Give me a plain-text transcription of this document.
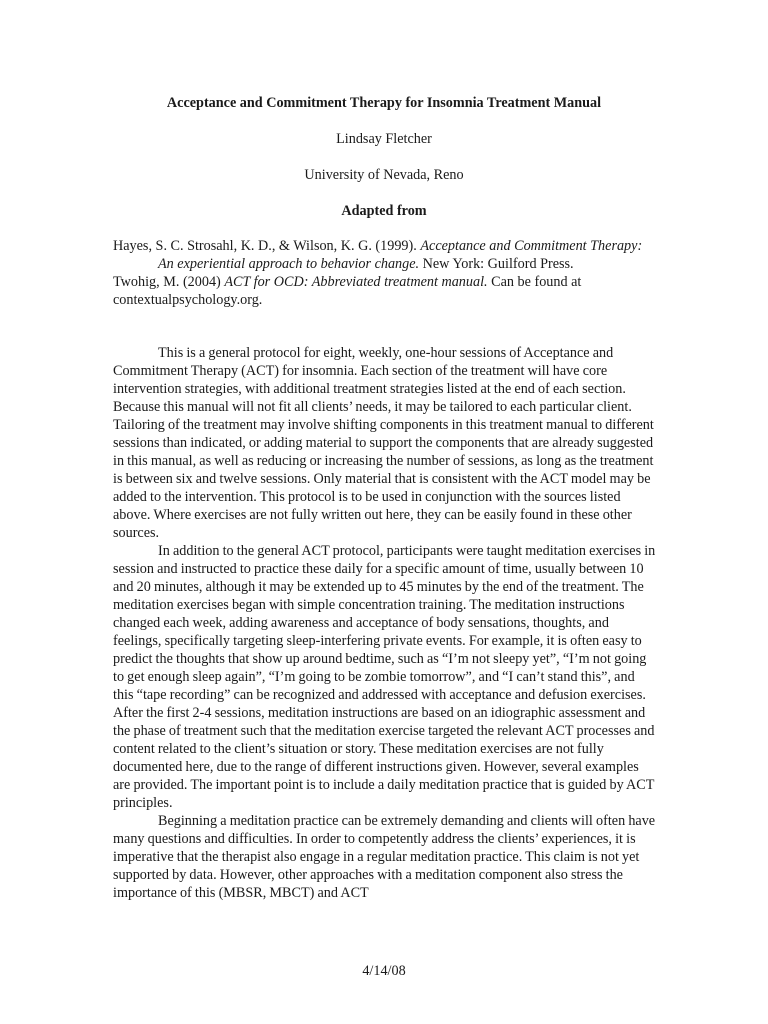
Acceptance and Commitment Therapy for Insomnia Treatment Manual
Lindsay Fletcher
University of Nevada, Reno
Adapted from

Hayes, S. C. Strosahl, K. D., & Wilson, K. G. (1999). Acceptance and Commitment Therapy: An experiential approach to behavior change. New York: Guilford Press.

Twohig, M. (2004) ACT for OCD: Abbreviated treatment manual. Can be found at contextualpsychology.org.

This is a general protocol for eight, weekly, one-hour sessions of Acceptance and Commitment Therapy (ACT) for insomnia. Each section of the treatment will have core intervention strategies, with additional treatment strategies listed at the end of each section. Because this manual will not fit all clients’ needs, it may be tailored to each particular client. Tailoring of the treatment may involve shifting components in this treatment manual to different sessions than indicated, or adding material to support the components that are already suggested in this manual, as well as reducing or increasing the number of sessions, as long as the treatment is between six and twelve sessions. Only material that is consistent with the ACT model may be added to the intervention. This protocol is to be used in conjunction with the sources listed above. Where exercises are not fully written out here, they can be easily found in these other sources.

In addition to the general ACT protocol, participants were taught meditation exercises in session and instructed to practice these daily for a specific amount of time, usually between 10 and 20 minutes, although it may be extended up to 45 minutes by the end of the treatment. The meditation exercises began with simple concentration training. The meditation instructions changed each week, adding awareness and acceptance of body sensations, thoughts, and feelings, specifically targeting sleep-interfering private events. For example, it is often easy to predict the thoughts that show up around bedtime, such as “I’m not sleepy yet”, “I’m not going to get enough sleep again”, “I’m going to be zombie tomorrow”, and “I can’t stand this”, and this “tape recording” can be recognized and addressed with acceptance and defusion exercises. After the first 2-4 sessions, meditation instructions are based on an idiographic assessment and the phase of treatment such that the meditation exercise targeted the relevant ACT processes and content related to the client’s situation or story. These meditation exercises are not fully documented here, due to the range of different instructions given. However, several examples are provided. The important point is to include a daily meditation practice that is guided by ACT principles.

Beginning a meditation practice can be extremely demanding and clients will often have many questions and difficulties. In order to competently address the clients’ experiences, it is imperative that the therapist also engage in a regular meditation practice. This claim is not yet supported by data. However, other approaches with a meditation component also stress the importance of this (MBSR, MBCT) and ACT

4/14/08
